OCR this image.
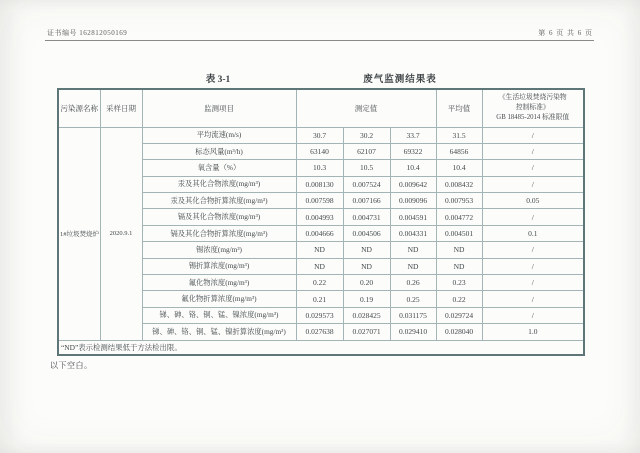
证书编号 162812050169	第 6 页 共 6 页
表 3-1	废气监测结果表
污染源名称	采样日期	监测项目	测定值			平均值	《生活垃圾焚烧污染物
控制标准》
GB 18485-2014 标准限值
1#垃圾焚烧炉	2020.9.1	平均流速(m/s)	30.7	30.2	33.7	31.5	/
		标态风量(m³/h)	63140	62107	69322	64856	/
		氧含量（%）	10.3	10.5	10.4	10.4	/
		汞及其化合物浓度(mg/m³)	0.008130	0.007524	0.009642	0.008432	/
		汞及其化合物折算浓度(mg/m³)	0.007598	0.007166	0.009096	0.007953	0.05
		镉及其化合物浓度(mg/m³)	0.004993	0.004731	0.004591	0.004772	/
		镉及其化合物折算浓度(mg/m³)	0.004666	0.004506	0.004331	0.004501	0.1
		锡浓度(mg/m³)	ND	ND	ND	ND	/
		锡折算浓度(mg/m³)	ND	ND	ND	ND	/
		氟化物浓度(mg/m³)	0.22	0.20	0.26	0.23	/
		氟化物折算浓度(mg/m³)	0.21	0.19	0.25	0.22	/
		锑、砷、铬、铜、锰、镍浓度(mg/m³)	0.029573	0.028425	0.031175	0.029724	/
		锑、砷、铬、铜、锰、镍折算浓度(mg/m³)	0.027638	0.027071	0.029410	0.028040	1.0
“ND”表示检测结果低于方法检出限。							
以下空白。
